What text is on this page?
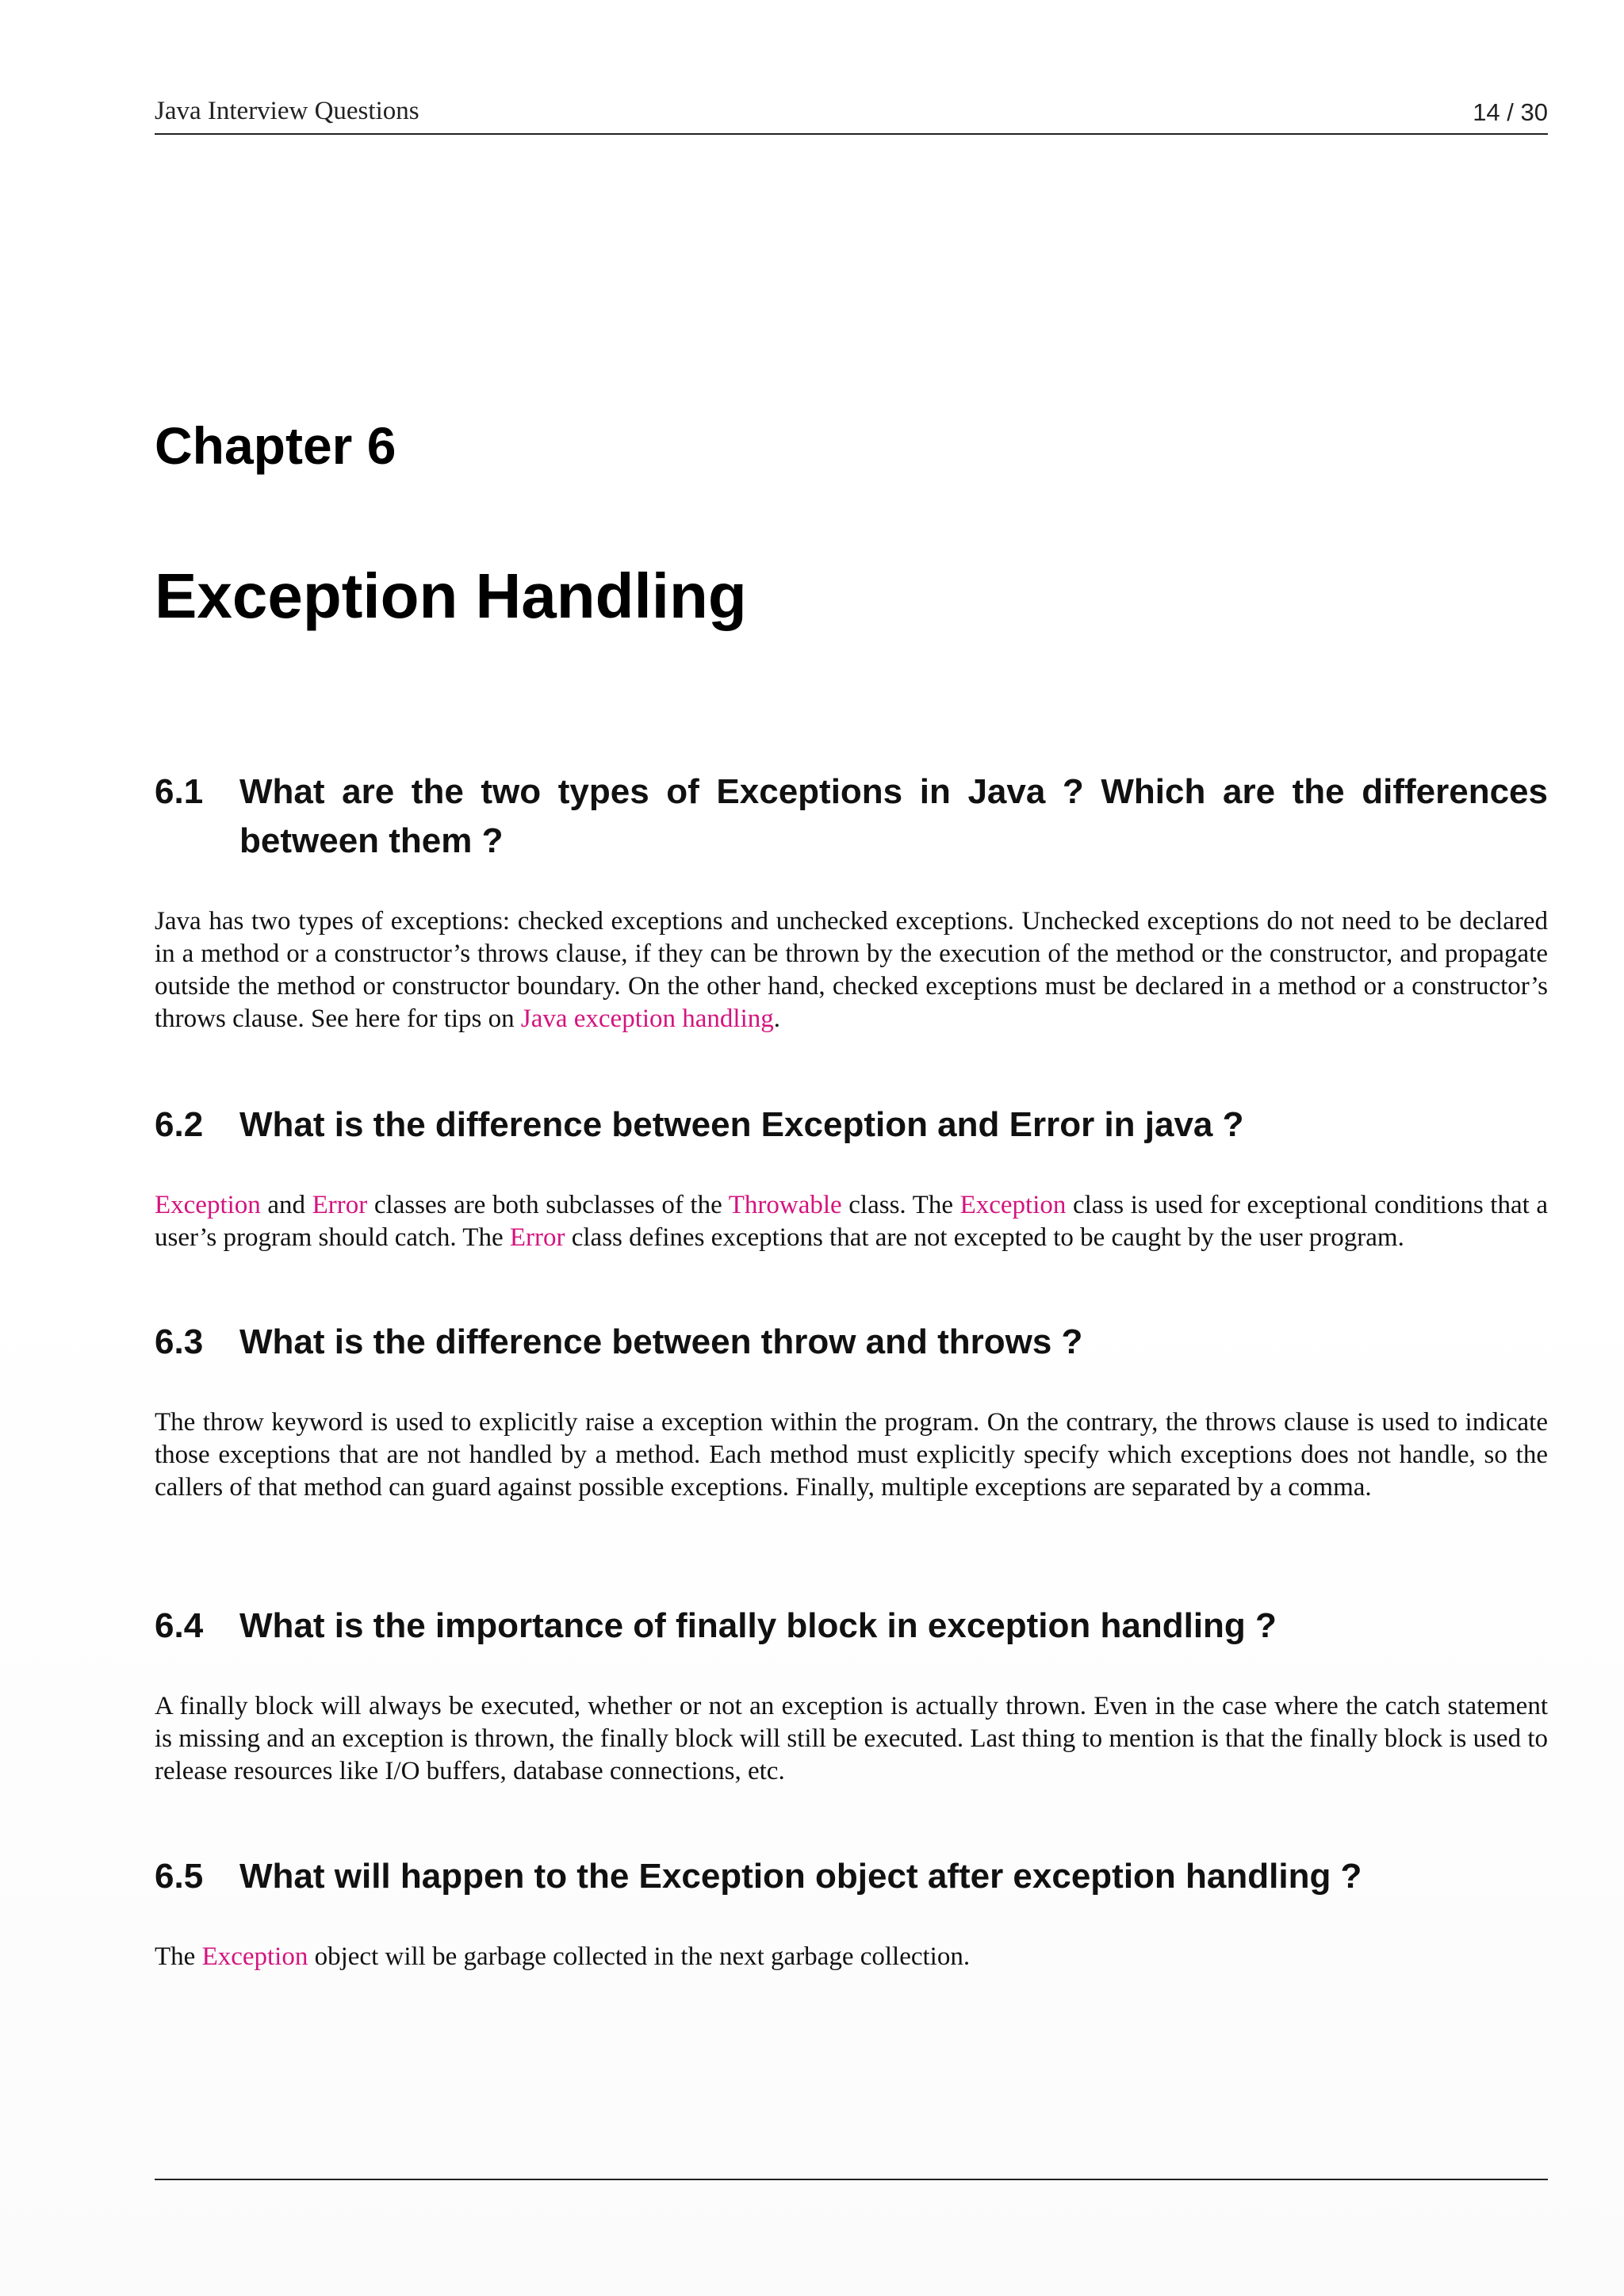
Java Interview Questions	14 / 30
Chapter 6
Exception Handling
6.1 What are the two types of Exceptions in Java ? Which are the differences between them ?
Java has two types of exceptions: checked exceptions and unchecked exceptions. Unchecked exceptions do not need to be declared in a method or a constructor’s throws clause, if they can be thrown by the execution of the method or the constructor, and propagate outside the method or constructor boundary. On the other hand, checked exceptions must be declared in a method or a constructor’s throws clause. See here for tips on Java exception handling.
6.2 What is the difference between Exception and Error in java ?
Exception and Error classes are both subclasses of the Throwable class. The Exception class is used for exceptional conditions that a user’s program should catch. The Error class defines exceptions that are not excepted to be caught by the user program.
6.3 What is the difference between throw and throws ?
The throw keyword is used to explicitly raise a exception within the program. On the contrary, the throws clause is used to indicate those exceptions that are not handled by a method. Each method must explicitly specify which exceptions does not handle, so the callers of that method can guard against possible exceptions. Finally, multiple exceptions are separated by a comma.
6.4 What is the importance of finally block in exception handling ?
A finally block will always be executed, whether or not an exception is actually thrown. Even in the case where the catch statement is missing and an exception is thrown, the finally block will still be executed. Last thing to mention is that the finally block is used to release resources like I/O buffers, database connections, etc.
6.5 What will happen to the Exception object after exception handling ?
The Exception object will be garbage collected in the next garbage collection.
